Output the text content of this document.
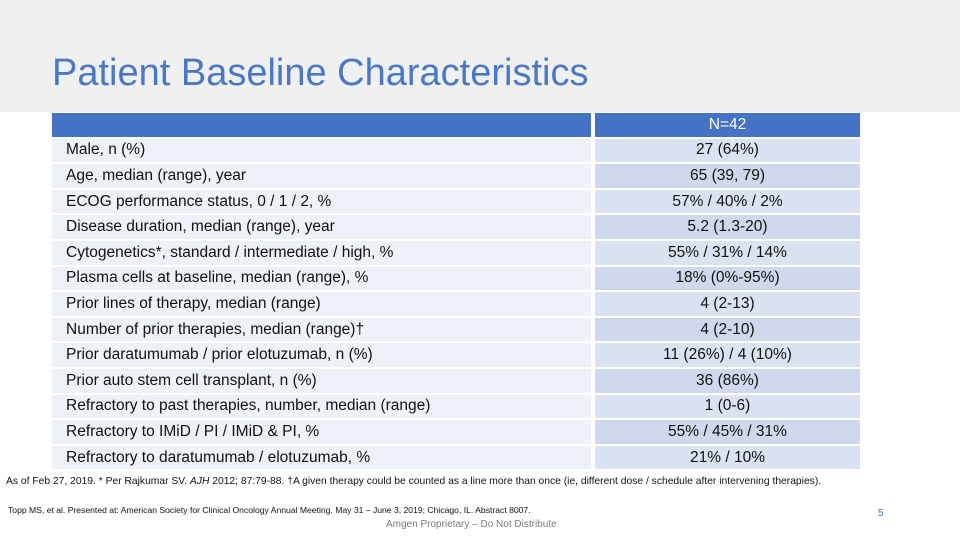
Patient Baseline Characteristics
		N=42
Male, n (%)		27 (64%)
Age, median (range), year		65 (39, 79)
ECOG performance status, 0 / 1 / 2, %		57% / 40% / 2%
Disease duration, median (range), year		5.2 (1.3-20)
Cytogenetics*, standard / intermediate / high, %		55% / 31% / 14%
Plasma cells at baseline, median (range), %		18% (0%-95%)
Prior lines of therapy, median (range)		4 (2-13)
Number of prior therapies, median (range)†		4 (2-10)
Prior daratumumab / prior elotuzumab, n (%)		11 (26%) / 4 (10%)
Prior auto stem cell transplant, n (%)		36 (86%)
Refractory to past therapies, number, median (range)		1 (0-6)
Refractory to IMiD / PI / IMiD & PI, %		55% / 45% / 31%
Refractory to daratumumab / elotuzumab, %		21% / 10%
As of Feb 27, 2019. * Per Rajkumar SV. AJH 2012; 87:79-88. †A given therapy could be counted as a line more than once (ie, different dose / schedule after intervening therapies).
Topp MS, et al. Presented at: American Society for Clinical Oncology Annual Meeting. May 31 – June 3, 2019; Chicago, IL. Abstract 8007.
Amgen Proprietary – Do Not Distribute
5
